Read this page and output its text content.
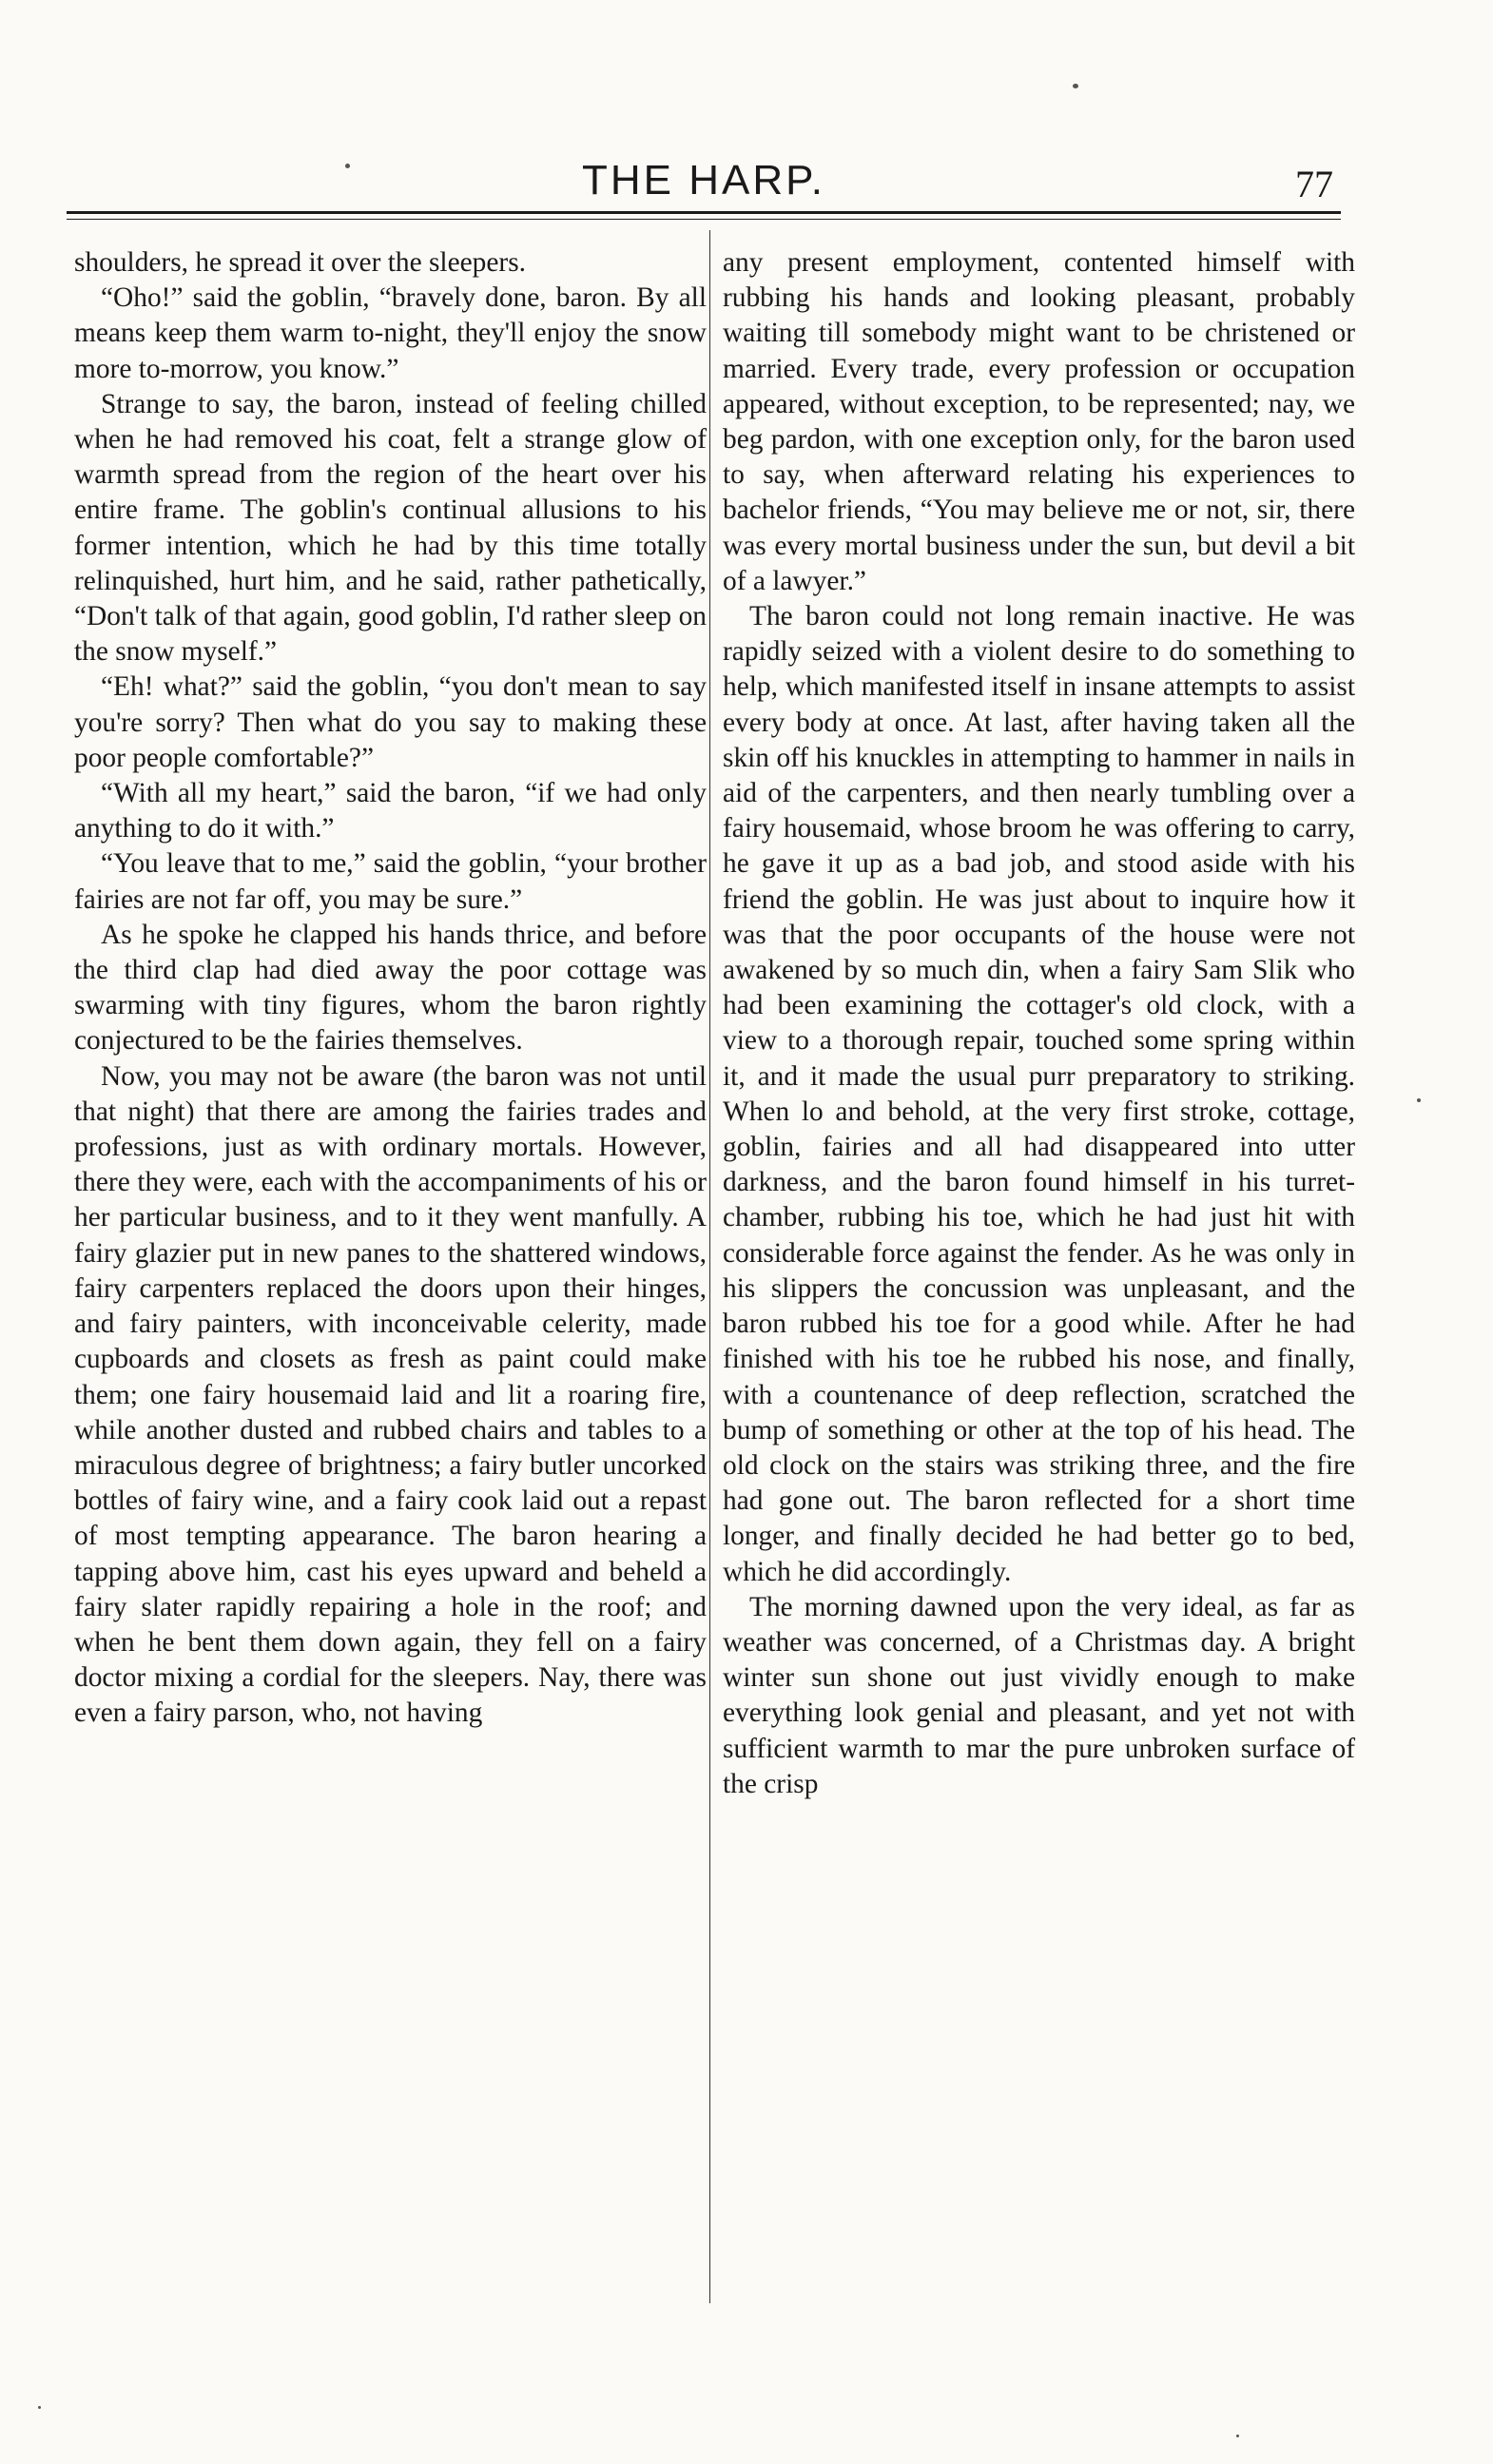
THE HARP.	77

shoulders, he spread it over the sleepers.

“Oho!” said the goblin, “bravely done, baron. By all means keep them warm to-night, they'll enjoy the snow more to-morrow, you know.”

Strange to say, the baron, instead of feeling chilled when he had removed his coat, felt a strange glow of warmth spread from the region of the heart over his entire frame. The goblin's continual allusions to his former intention, which he had by this time totally relinquished, hurt him, and he said, rather pathetically, “Don't talk of that again, good goblin, I'd rather sleep on the snow myself.”

“Eh! what?” said the goblin, “you don't mean to say you're sorry? Then what do you say to making these poor people comfortable?”

“With all my heart,” said the baron, “if we had only anything to do it with.”

“You leave that to me,” said the goblin, “your brother fairies are not far off, you may be sure.”

As he spoke he clapped his hands thrice, and before the third clap had died away the poor cottage was swarming with tiny figures, whom the baron rightly conjectured to be the fairies themselves.

Now, you may not be aware (the baron was not until that night) that there are among the fairies trades and professions, just as with ordinary mortals. However, there they were, each with the accompaniments of his or her particular business, and to it they went manfully. A fairy glazier put in new panes to the shattered windows, fairy carpenters replaced the doors upon their hinges, and fairy painters, with inconceivable celerity, made cupboards and closets as fresh as paint could make them; one fairy housemaid laid and lit a roaring fire, while another dusted and rubbed chairs and tables to a miraculous degree of brightness; a fairy butler uncorked bottles of fairy wine, and a fairy cook laid out a repast of most tempting appearance. The baron hearing a tapping above him, cast his eyes upward and beheld a fairy slater rapidly repairing a hole in the roof; and when he bent them down again, they fell on a fairy doctor mixing a cordial for the sleepers. Nay, there was even a fairy parson, who, not having

any present employment, contented himself with rubbing his hands and looking pleasant, probably waiting till somebody might want to be christened or married. Every trade, every profession or occupation appeared, without exception, to be represented; nay, we beg pardon, with one exception only, for the baron used to say, when afterward relating his experiences to bachelor friends, “You may believe me or not, sir, there was every mortal business under the sun, but devil a bit of a lawyer.”

The baron could not long remain inactive. He was rapidly seized with a violent desire to do something to help, which manifested itself in insane attempts to assist every body at once. At last, after having taken all the skin off his knuckles in attempting to hammer in nails in aid of the carpenters, and then nearly tumbling over a fairy housemaid, whose broom he was offering to carry, he gave it up as a bad job, and stood aside with his friend the goblin. He was just about to inquire how it was that the poor occupants of the house were not awakened by so much din, when a fairy Sam Slik who had been examining the cottager's old clock, with a view to a thorough repair, touched some spring within it, and it made the usual purr preparatory to striking. When lo and behold, at the very first stroke, cottage, goblin, fairies and all had disappeared into utter darkness, and the baron found himself in his turret-chamber, rubbing his toe, which he had just hit with considerable force against the fender. As he was only in his slippers the concussion was unpleasant, and the baron rubbed his toe for a good while. After he had finished with his toe he rubbed his nose, and finally, with a countenance of deep reflection, scratched the bump of something or other at the top of his head. The old clock on the stairs was striking three, and the fire had gone out. The baron reflected for a short time longer, and finally decided he had better go to bed, which he did accordingly.

The morning dawned upon the very ideal, as far as weather was concerned, of a Christmas day. A bright winter sun shone out just vividly enough to make everything look genial and pleasant, and yet not with sufficient warmth to mar the pure unbroken surface of the crisp
